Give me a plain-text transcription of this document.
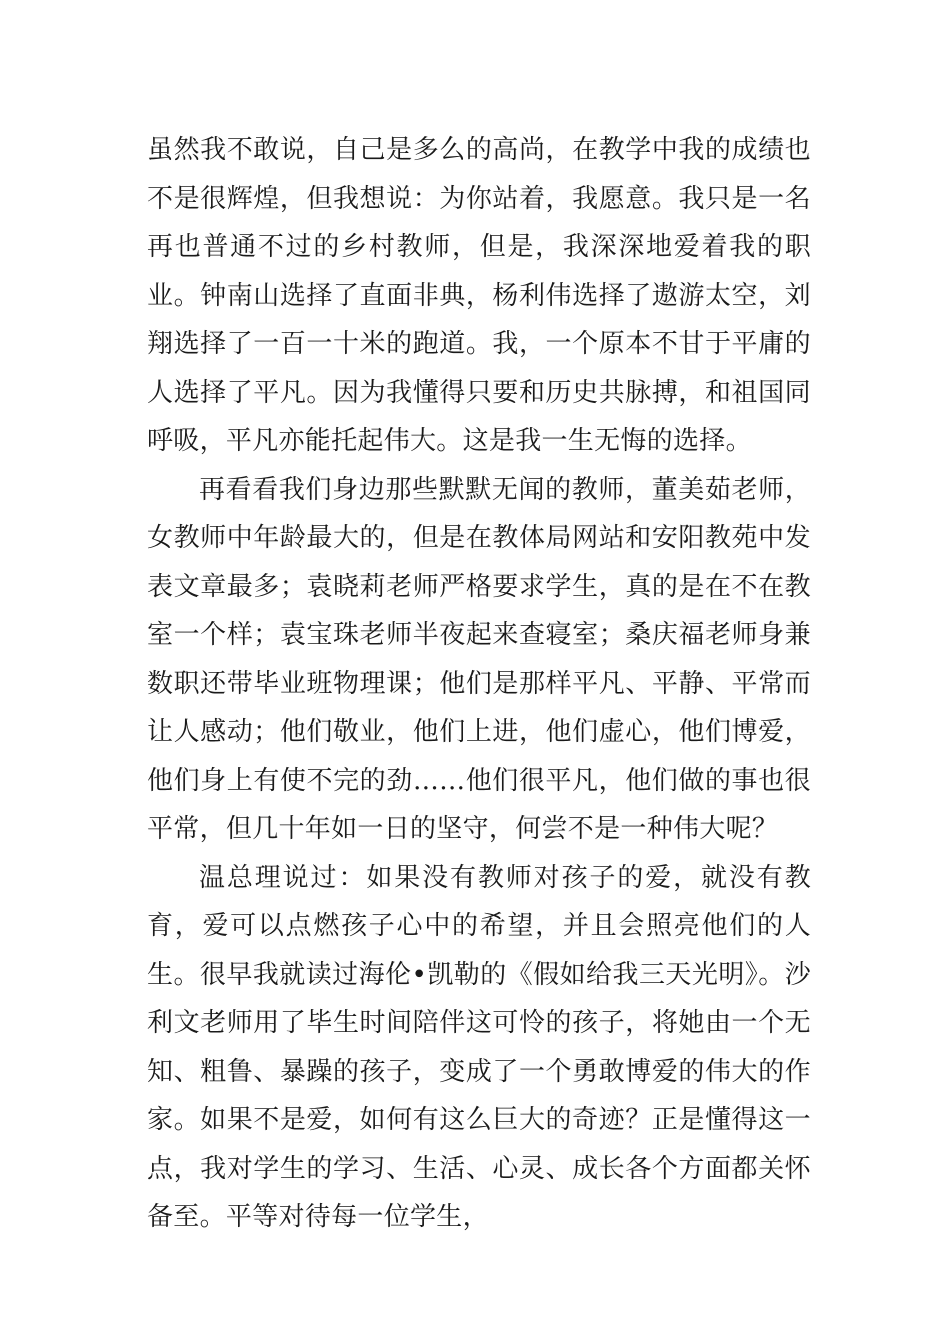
虽然我不敢说，自己是多么的高尚，在教学中我的成绩也不是很辉煌，但我想说：为你站着，我愿意。我只是一名再也普通不过的乡村教师，但是，我深深地爱着我的职业。钟南山选择了直面非典，杨利伟选择了遨游太空，刘翔选择了一百一十米的跑道。我，一个原本不甘于平庸的人选择了平凡。因为我懂得只要和历史共脉搏，和祖国同呼吸，平凡亦能托起伟大。这是我一生无悔的选择。

再看看我们身边那些默默无闻的教师，董美茹老师，女教师中年龄最大的，但是在教体局网站和安阳教苑中发表文章最多；袁晓莉老师严格要求学生，真的是在不在教室一个样；袁宝珠老师半夜起来查寝室；桑庆福老师身兼数职还带毕业班物理课；他们是那样平凡、平静、平常而让人感动；他们敬业，他们上进，他们虚心，他们博爱，他们身上有使不完的劲……他们很平凡，他们做的事也很平常，但几十年如一日的坚守，何尝不是一种伟大呢？

温总理说过：如果没有教师对孩子的爱，就没有教育，爱可以点燃孩子心中的希望，并且会照亮他们的人生。很早我就读过海伦•凯勒的《假如给我三天光明》。沙利文老师用了毕生时间陪伴这可怜的孩子，将她由一个无知、粗鲁、暴躁的孩子，变成了一个勇敢博爱的伟大的作家。如果不是爱，如何有这么巨大的奇迹？正是懂得这一点，我对学生的学习、生活、心灵、成长各个方面都关怀备至。平等对待每一位学生，
